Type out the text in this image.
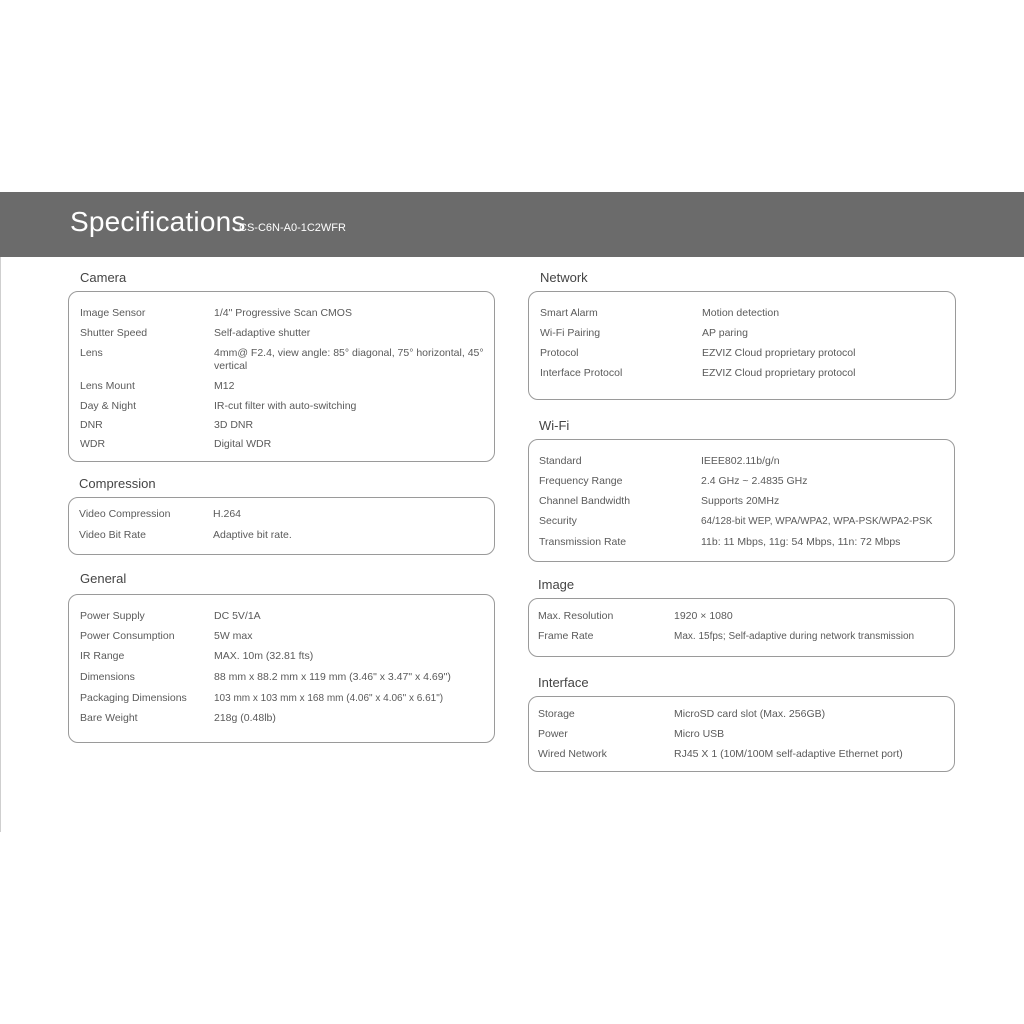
Specifications
CS-C6N-A0-1C2WFR
Camera
Image Sensor	1/4" Progressive Scan CMOS
Shutter Speed	Self-adaptive shutter
Lens	4mm@ F2.4, view angle: 85° diagonal, 75° horizontal, 45° vertical
Lens Mount	M12
Day & Night	IR-cut filter with auto-switching
DNR	3D DNR
WDR	Digital WDR
Compression
Video Compression	H.264
Video Bit Rate	Adaptive bit rate.
General
Power Supply	DC 5V/1A
Power Consumption	5W max
IR Range	MAX. 10m (32.81 fts)
Dimensions	88 mm x 88.2 mm x 119 mm (3.46" x 3.47" x 4.69")
Packaging Dimensions	103 mm x 103 mm x 168 mm (4.06" x 4.06" x 6.61")
Bare Weight	218g (0.48lb)
Network
Smart Alarm	Motion detection
Wi-Fi Pairing	AP paring
Protocol	EZVIZ Cloud proprietary protocol
Interface Protocol	EZVIZ Cloud proprietary protocol
Wi-Fi
Standard	IEEE802.11b/g/n
Frequency Range	2.4 GHz ~ 2.4835 GHz
Channel Bandwidth	Supports 20MHz
Security	64/128-bit WEP, WPA/WPA2, WPA-PSK/WPA2-PSK
Transmission Rate	11b: 11 Mbps, 11g: 54 Mbps, 11n: 72 Mbps
Image
Max. Resolution	1920 × 1080
Frame Rate	Max. 15fps; Self-adaptive during network transmission
Interface
Storage	MicroSD card slot (Max. 256GB)
Power	Micro USB
Wired Network	RJ45 X 1 (10M/100M self-adaptive Ethernet port)
